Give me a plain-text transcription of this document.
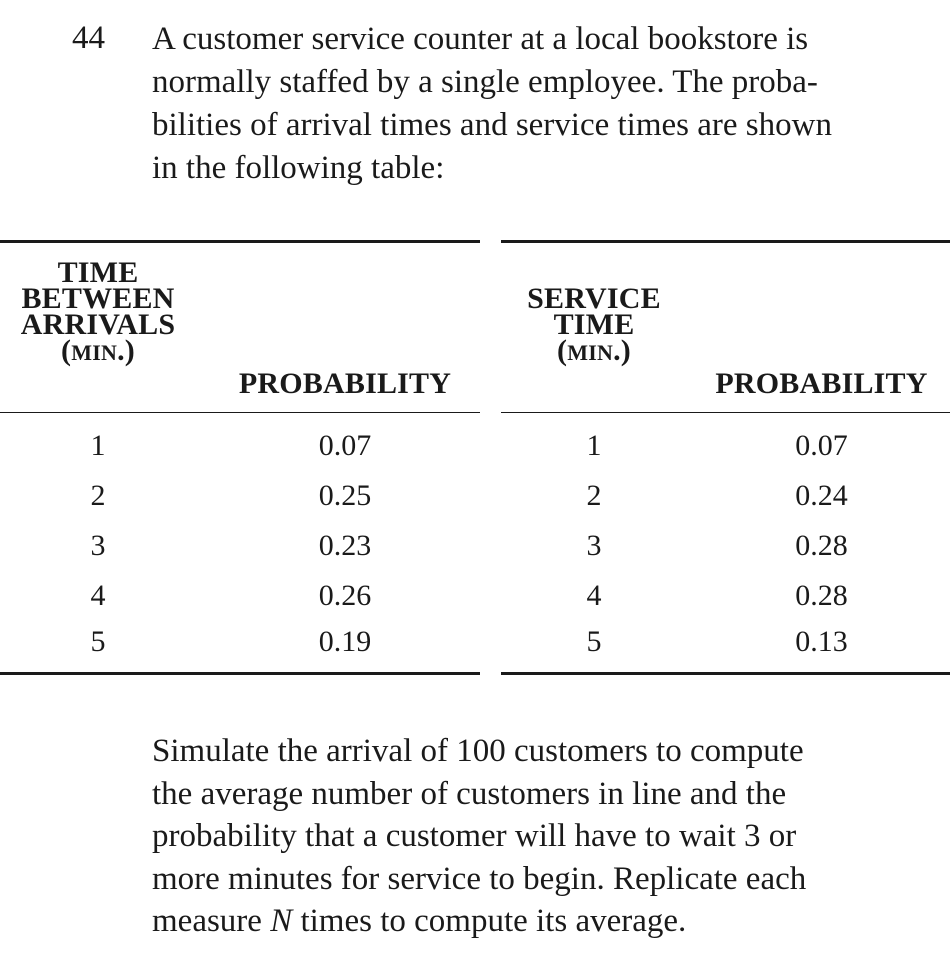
44 A customer service counter at a local bookstore is
normally staffed by a single employee. The proba-
bilities of arrival times and service times are shown
in the following table:
TIME
BETWEEN
ARRIVALS
(MIN.)
PROBABILITY
1	0.07
2	0.25
3	0.23
4	0.26
5	0.19
SERVICE
TIME
(MIN.)
PROBABILITY
1	0.07
2	0.24
3	0.28
4	0.28
5	0.13
Simulate the arrival of 100 customers to compute
the average number of customers in line and the
probability that a customer will have to wait 3 or
more minutes for service to begin. Replicate each
measure N times to compute its average.
